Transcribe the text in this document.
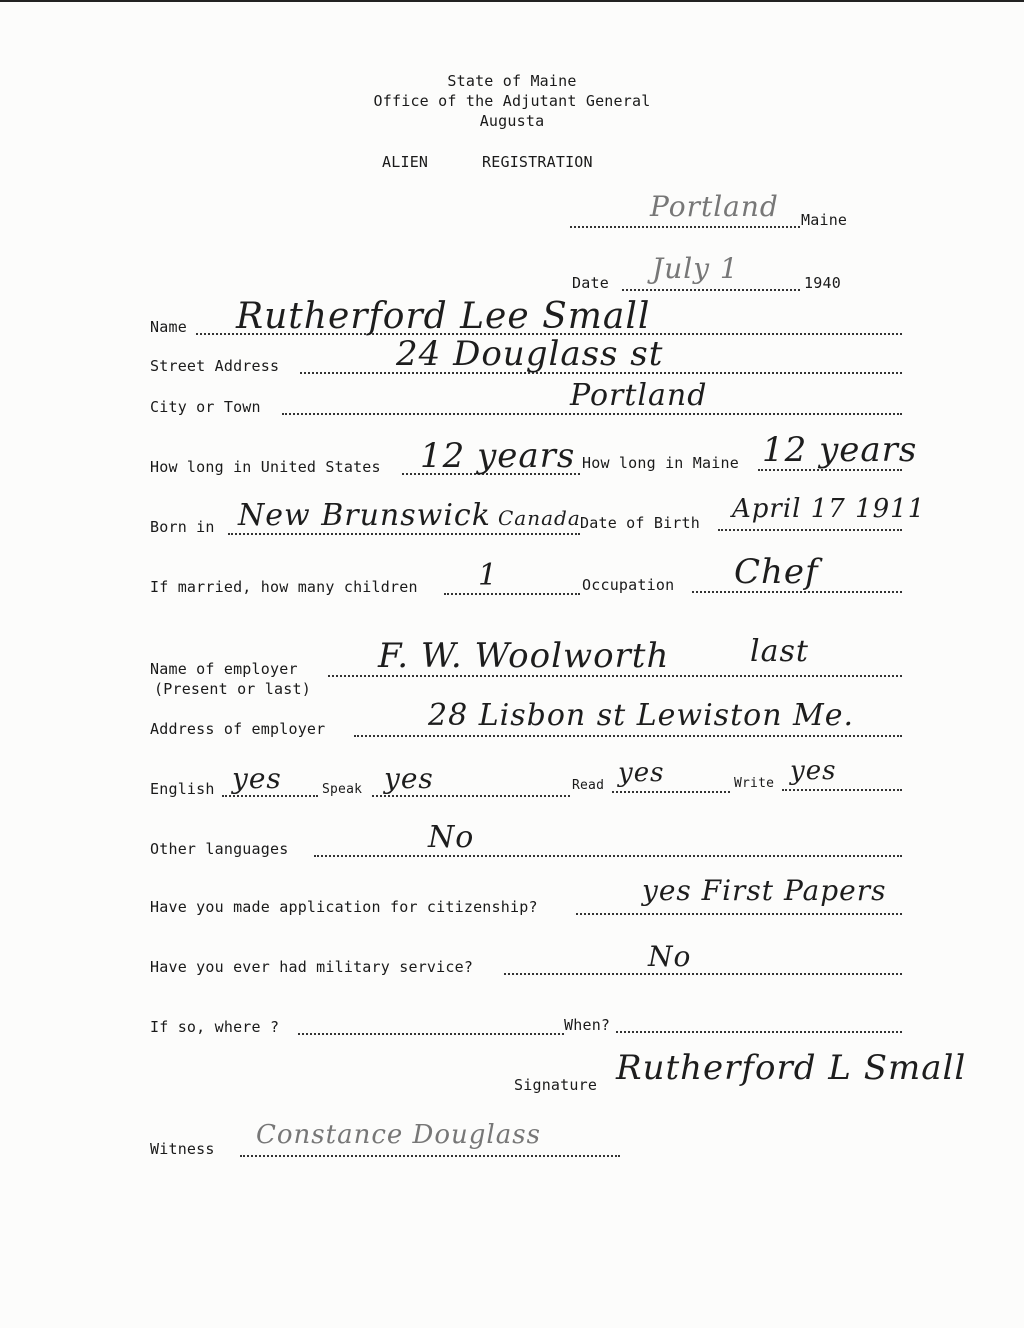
State of Maine
Office of the Adjutant General
Augusta
ALIEN	REGISTRATION
Portland Maine
Date July 1	1940
Name Rutherford Lee Small
Street Address	24 Douglass st
City or Town	Portland
How long in United States 12 years How long in Maine 12 years
Born in New Brunswick Canada Date of Birth April 17 1911
If married, how many children 1	Occupation Chef
Name of employer
(Present or last)
F. W. Woolworth	last
Address of employer	28 Lisbon st Lewiston Me.
English yes	Speak yes	Read yes	Write yes
Other languages	No
Have you made application for citizenship?	yes First Papers
Have you ever had military service?	No
If so, where ?	When?
Signature Rutherford L Small
Witness Constance Douglass
